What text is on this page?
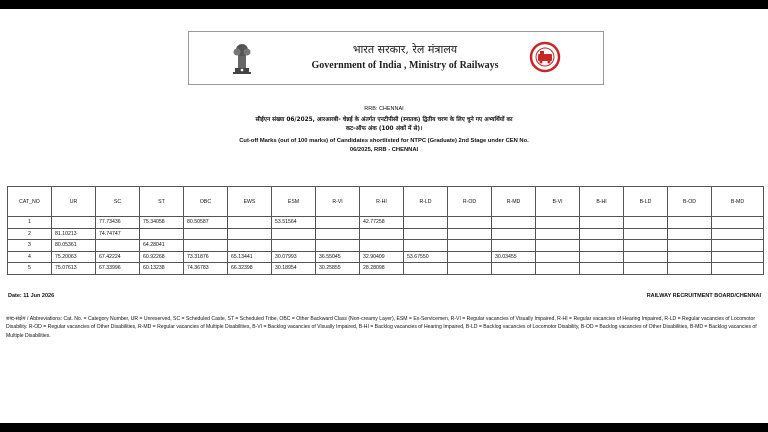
भारत सरकार, रेल मंत्रालय
Government of India , Ministry of Railways
RRB: CHENNAI
सीईएन संख्या 06/2025, आरआरबी- चेन्नई के अंतर्गत एनटीपीसी (स्नातक) द्वितीय चरण के लिए चुने गए अभ्यर्थियों का
कट-ऑफ अंक (100 अंकों में से)।
Cut-off Marks (out of 100 marks) of Candidates shortlisted for NTPC (Graduate) 2nd Stage under CEN No.
06/2025, RRB - CHENNAI
CAT_NO	UR	SC	ST	OBC	EWS	ESM	R-VI	R-HI	R-LD	R-OD	R-MD	B-VI	B-HI	B-LD	B-OD	B-MD
1		77.73436	75.34058	80.50587		53.51564		42.77258								
2	81.10213	74.74747														
3	80.05361		64.28041													
4	75.20063	67.42224	60.92268	73.31876	65.13441	30.07993	36.55045	32.90409	53.67550		30.03455					
5	75.07613	67.33996	60.13238	74.36783	66.32398	30.18954	30.25855	28.28098								
Date: 11 Jun 2026	RAILWAY RECRUITMENT BOARD/CHENNAI
शब्द-संक्षेप / Abbreviations: Cat. No. = Category Number, UR = Unreserved, SC = Scheduled Caste, ST = Scheduled Tribe, OBC = Other Backward Class (Non-creamy Layer), ESM = Ex-Servicemen, R-VI = Regular vacancies of Visually Impaired, R-HI = Regular vacancies of Hearing Impaired, R-LD = Regular vacancies of Locomotor Disability. R-OD = Regular vacancies of Other Disabilities, R-MD = Regular vacancies of Multiple Disabilities, B-VI = Backlog vacancies of Visually Impaired, B-HI = Backlog vacancies of Hearing Impaired, B-LD = Backlog vacancies of Locomotor Disability, B-OD = Backlog vacancies of Other Disabilities, B-MD = Backlog vacancies of Multiple Disabilities.
